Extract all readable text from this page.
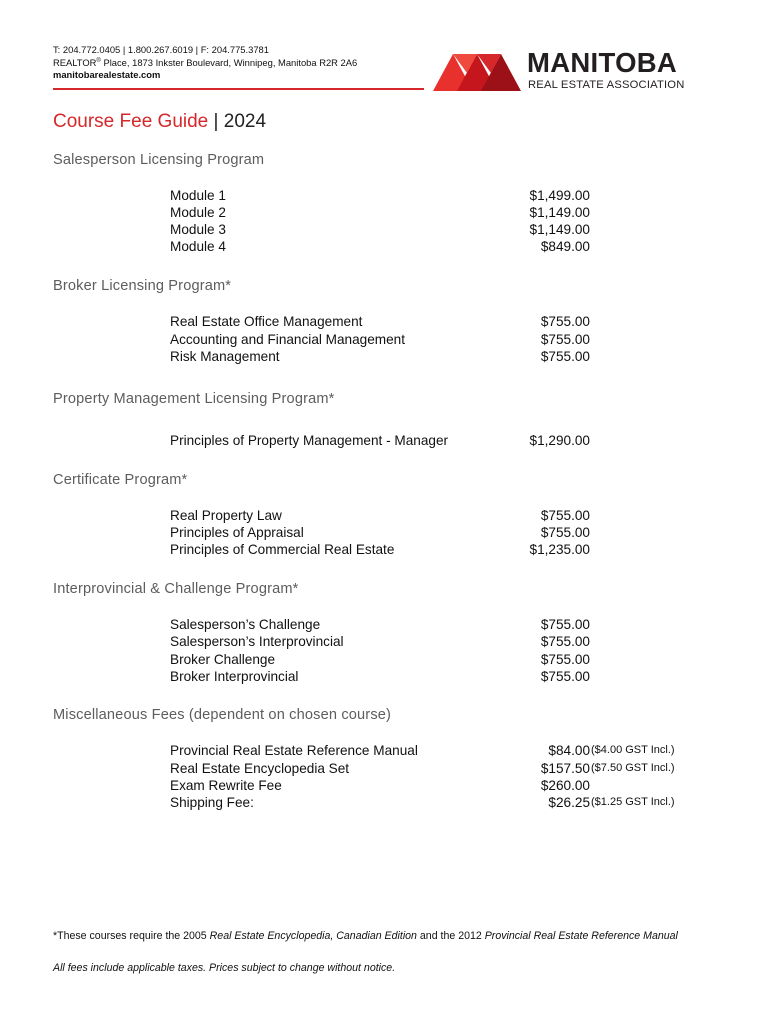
T: 204.772.0405 | 1.800.267.6019 | F: 204.775.3781
REALTOR® Place, 1873 Inkster Boulevard, Winnipeg, Manitoba R2R 2A6
manitobarealestate.com	MANITOBA
REAL ESTATE ASSOCIATION
Course Fee Guide | 2024
Salesperson Licensing Program
Module 1	$1,499.00
Module 2	$1,149.00
Module 3	$1,149.00
Module 4	$849.00
Broker Licensing Program*
Real Estate Office Management	$755.00
Accounting and Financial Management	$755.00
Risk Management	$755.00
Property Management Licensing Program*
Principles of Property Management - Manager	$1,290.00
Certificate Program*
Real Property Law	$755.00
Principles of Appraisal	$755.00
Principles of Commercial Real Estate	$1,235.00
Interprovincial & Challenge Program*
Salesperson’s Challenge	$755.00
Salesperson’s Interprovincial	$755.00
Broker Challenge	$755.00
Broker Interprovincial	$755.00
Miscellaneous Fees (dependent on chosen course)
Provincial Real Estate Reference Manual	$84.00 ($4.00 GST Incl.)
Real Estate Encyclopedia Set	$157.50 ($7.50 GST Incl.)
Exam Rewrite Fee	$260.00
Shipping Fee:	$26.25 ($1.25 GST Incl.)
*These courses require the 2005 Real Estate Encyclopedia, Canadian Edition and the 2012 Provincial Real Estate Reference Manual
All fees include applicable taxes. Prices subject to change without notice.
